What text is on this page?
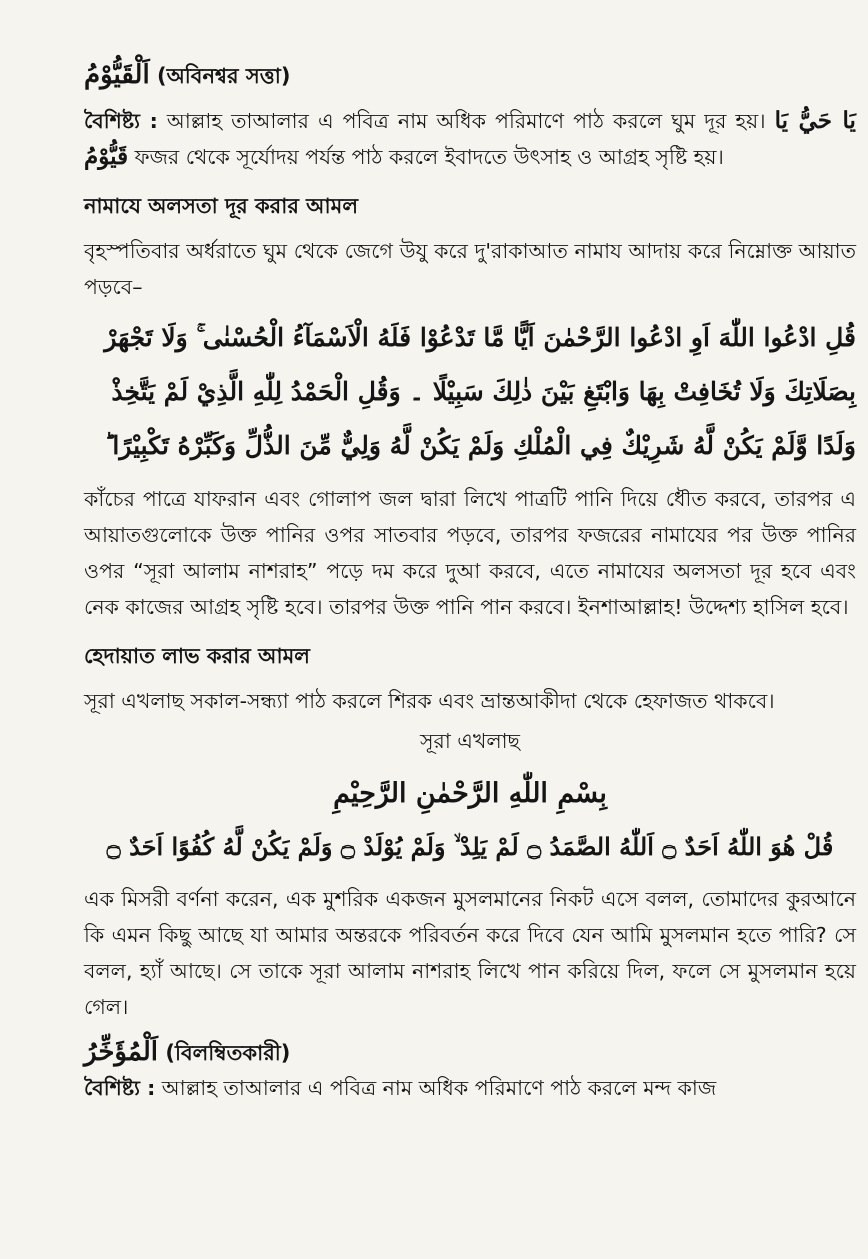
اَلْقَيُّوْمُ (অবিনশ্বর সত্তা)

বৈশিষ্ট্য : আল্লাহ তাআলার এ পবিত্র নাম অধিক পরিমাণে পাঠ করলে ঘুম দূর হয়। يَا حَيُّ يَا قَيُّوْمُ ফজর থেকে সূর্যোদয় পর্যন্ত পাঠ করলে ইবাদতে উৎসাহ ও আগ্রহ সৃষ্টি হয়।

নামাযে অলসতা দূর করার আমল

বৃহস্পতিবার অর্ধরাতে ঘুম থেকে জেগে উযু করে দু'রাকাআত নামায আদায় করে নিম্নোক্ত আয়াত পড়বে–

قُلِ ادْعُوا اللّٰهَ اَوِ ادْعُوا الرَّحْمٰنَ اَيًّا مَّا تَدْعُوْا فَلَهُ الْاَسْمَآءُ الْحُسْنٰى ۚ وَلَا تَجْهَرْ
بِصَلَاتِكَ وَلَا تُخَافِتْ بِهَا وَابْتَغِ بَيْنَ ذٰلِكَ سَبِيْلًا ۔ وَقُلِ الْحَمْدُ لِلّٰهِ الَّذِيْ لَمْ يَتَّخِذْ
وَلَدًا وَّلَمْ يَكُنْ لَّهُ شَرِيْكٌ فِي الْمُلْكِ وَلَمْ يَكُنْ لَّهُ وَلِيٌّ مِّنَ الذُّلِّ وَكَبِّرْهُ تَكْبِيْرًا ؕ

কাঁচের পাত্রে যাফরান এবং গোলাপ জল দ্বারা লিখে পাত্রটি পানি দিয়ে ধৌত করবে, তারপর এ আয়াতগুলোকে উক্ত পানির ওপর সাতবার পড়বে, তারপর ফজরের নামাযের পর উক্ত পানির ওপর “সূরা আলাম নাশরাহ” পড়ে দম করে দুআ করবে, এতে নামাযের অলসতা দূর হবে এবং নেক কাজের আগ্রহ সৃষ্টি হবে। তারপর উক্ত পানি পান করবে। ইনশাআল্লাহ! উদ্দেশ্য হাসিল হবে।

হেদায়াত লাভ করার আমল

সূরা এখলাছ সকাল-সন্ধ্যা পাঠ করলে শিরক এবং ভ্রান্তআকীদা থেকে হেফাজত থাকবে।

সূরা এখলাছ

بِسْمِ اللّٰهِ الرَّحْمٰنِ الرَّحِيْمِ
قُلْ هُوَ اللّٰهُ اَحَدٌ ۝ اَللّٰهُ الصَّمَدُ ۝ لَمْ يَلِدْ ۙ وَلَمْ يُوْلَدْ ۝ وَلَمْ يَكُنْ لَّهُ كُفُوًا اَحَدٌ ۝

এক মিসরী বর্ণনা করেন, এক মুশরিক একজন মুসলমানের নিকট এসে বলল, তোমাদের কুরআনে কি এমন কিছু আছে যা আমার অন্তরকে পরিবর্তন করে দিবে যেন আমি মুসলমান হতে পারি? সে বলল, হ্যাঁ আছে। সে তাকে সূরা আলাম নাশরাহ লিখে পান করিয়ে দিল, ফলে সে মুসলমান হয়ে গেল।

اَلْمُؤَخِّرُ (বিলম্বিতকারী)

বৈশিষ্ট্য : আল্লাহ তাআলার এ পবিত্র নাম অধিক পরিমাণে পাঠ করলে মন্দ কাজ
